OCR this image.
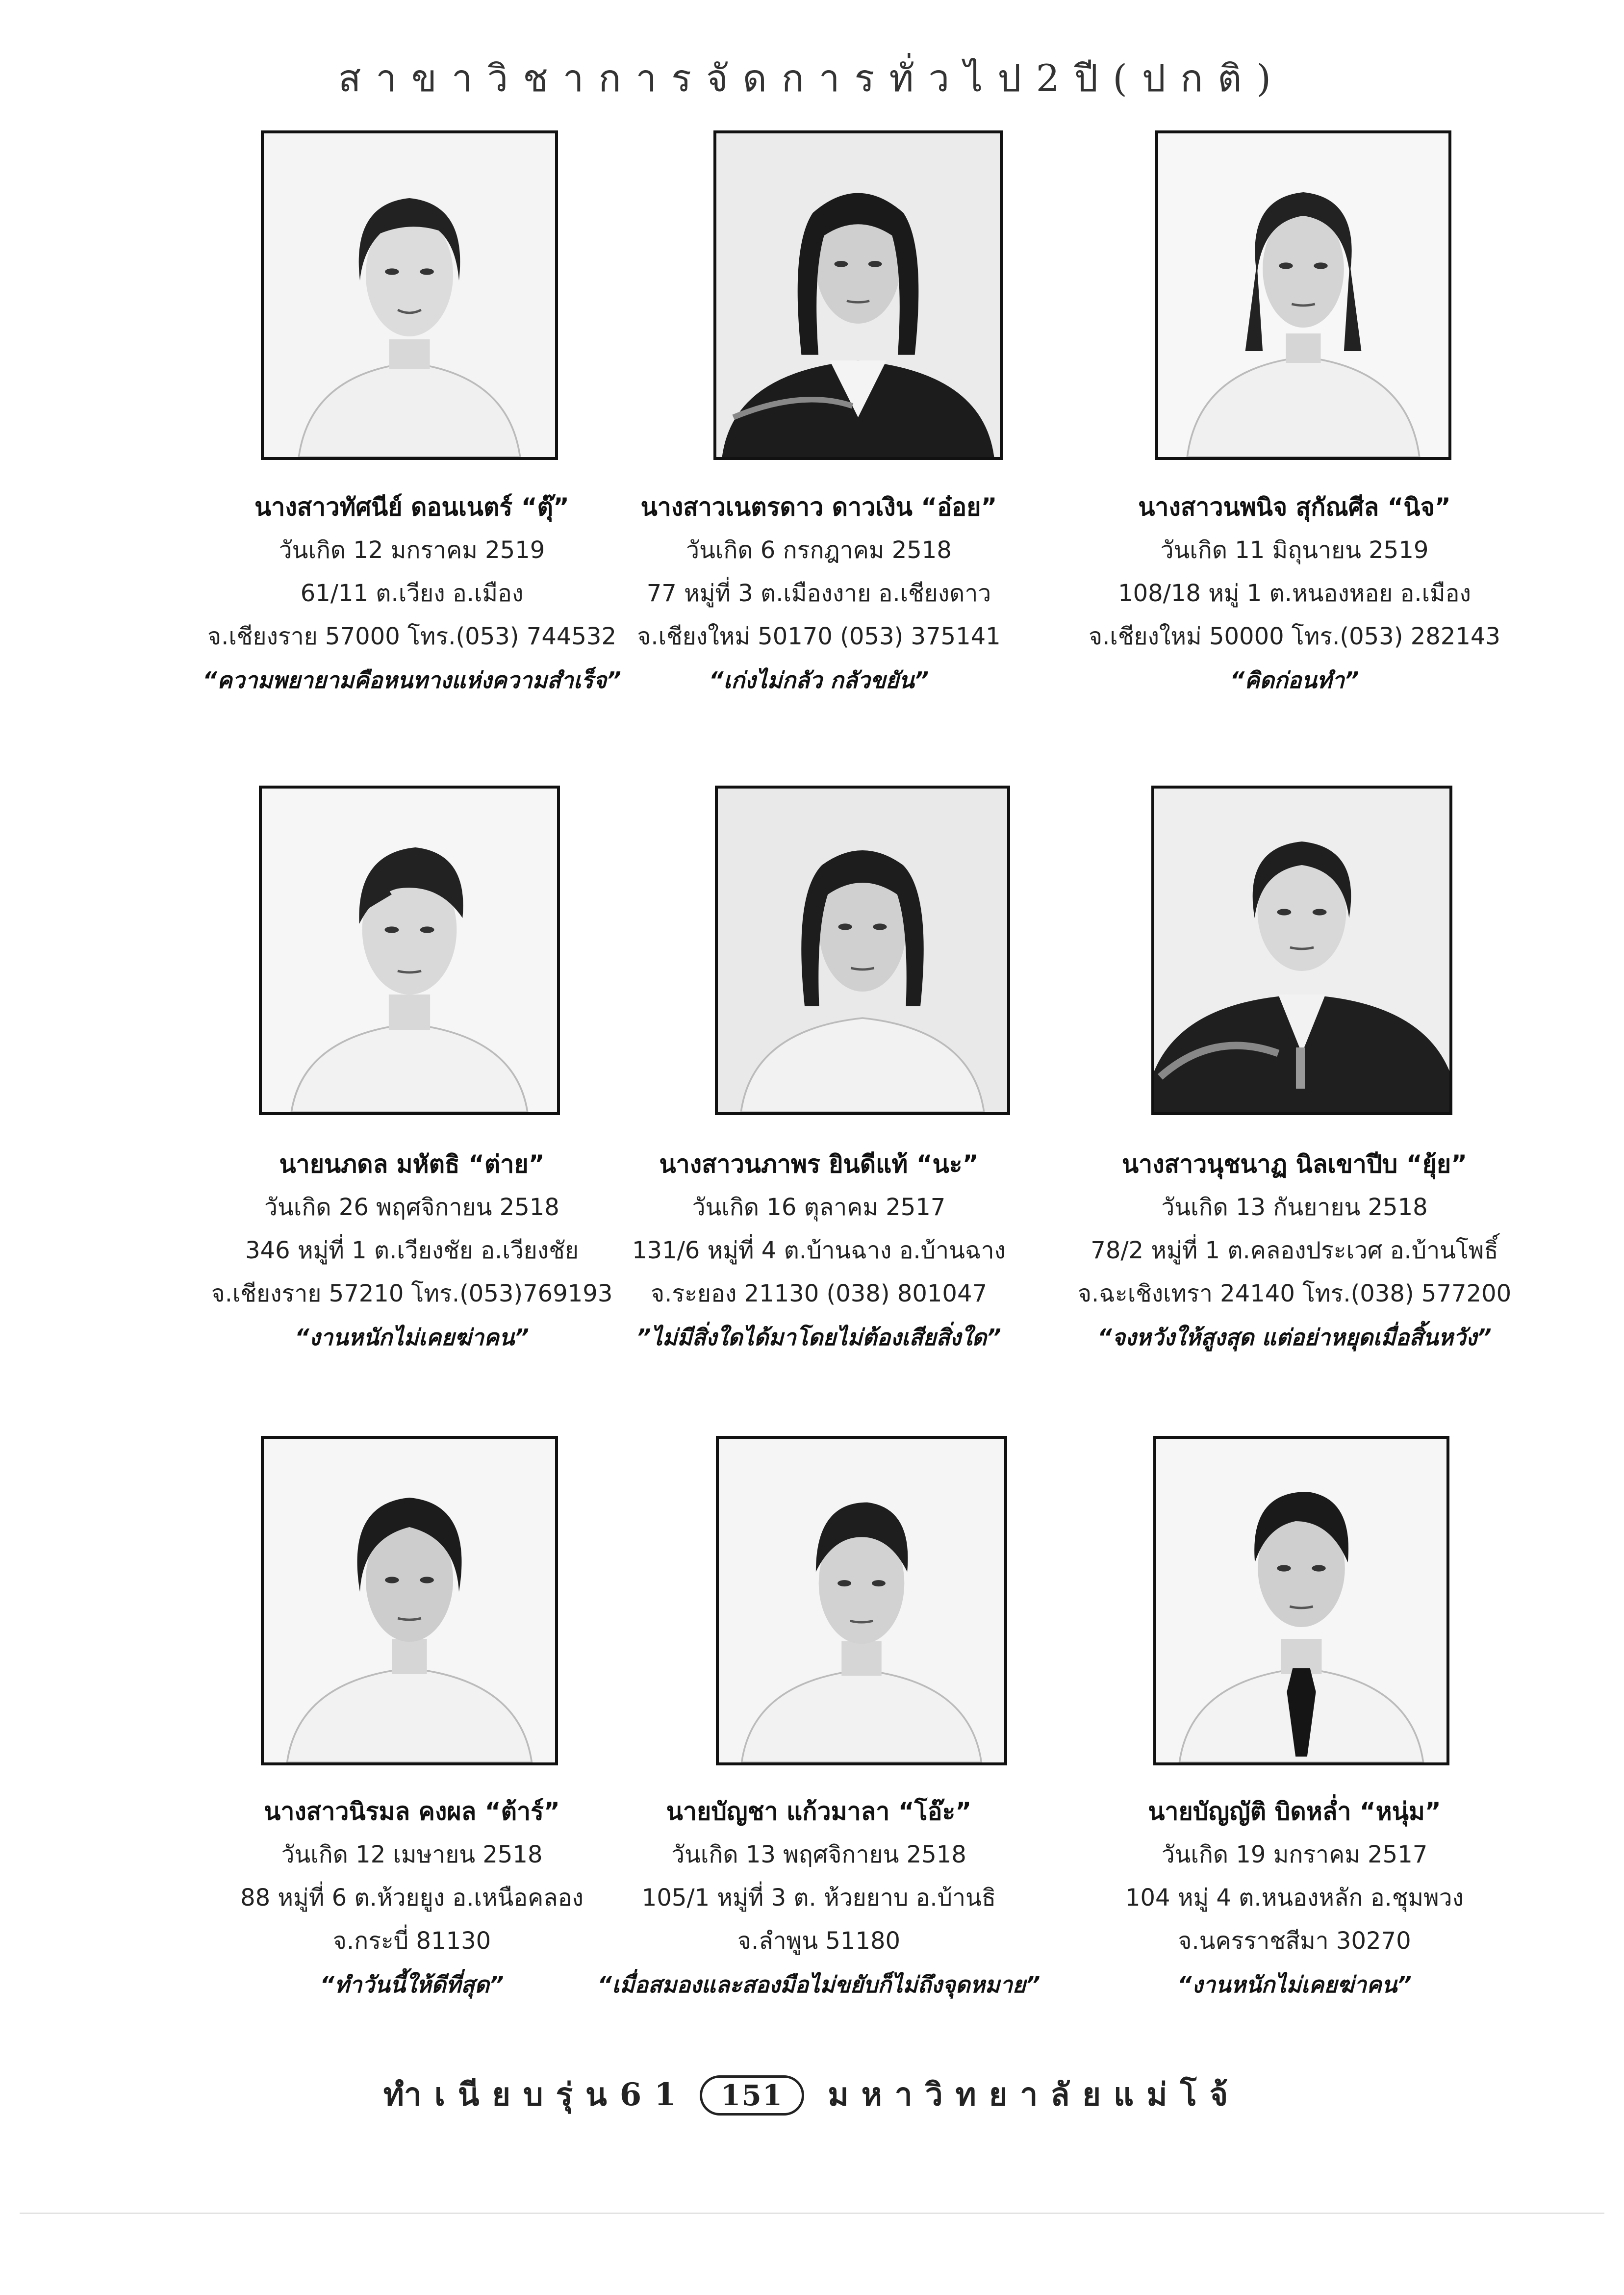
สาขาวิชาการจัดการทั่วไป2ปี(ปกติ)
นางสาวทัศนีย์ ดอนเนตร์ “ตุ๊”
วันเกิด 12 มกราคม 2519
61/11 ต.เวียง อ.เมือง
จ.เชียงราย 57000 โทร.(053) 744532
“ความพยายามคือหนทางแห่งความสำเร็จ”
นางสาวเนตรดาว ดาวเงิน “อ๋อย”
วันเกิด 6 กรกฎาคม 2518
77 หมู่ที่ 3 ต.เมืองงาย อ.เชียงดาว
จ.เชียงใหม่ 50170 (053) 375141
“เก่งไม่กลัว กลัวขยัน”
นางสาวนพนิจ สุกัณศีล “นิจ”
วันเกิด 11 มิถุนายน 2519
108/18 หมู่ 1 ต.หนองหอย อ.เมือง
จ.เชียงใหม่ 50000 โทร.(053) 282143
“คิดก่อนทำ”
นายนภดล มหัตธิ “ต่าย”
วันเกิด 26 พฤศจิกายน 2518
346 หมู่ที่ 1 ต.เวียงชัย อ.เวียงชัย
จ.เชียงราย 57210 โทร.(053)769193
“งานหนักไม่เคยฆ่าคน”
นางสาวนภาพร ยินดีแท้ “นะ”
วันเกิด 16 ตุลาคม 2517
131/6 หมู่ที่ 4 ต.บ้านฉาง อ.บ้านฉาง
จ.ระยอง 21130 (038) 801047
”ไม่มีสิ่งใดได้มาโดยไม่ต้องเสียสิ่งใด”
นางสาวนุชนาฏ นิลเขาปีบ “ยุ้ย”
วันเกิด 13 กันยายน 2518
78/2 หมู่ที่ 1 ต.คลองประเวศ อ.บ้านโพธิ์
จ.ฉะเชิงเทรา 24140 โทร.(038) 577200
“จงหวังให้สูงสุด แต่อย่าหยุดเมื่อสิ้นหวัง”
นางสาวนิรมล คงผล “ต้าร์”
วันเกิด 12 เมษายน 2518
88 หมู่ที่ 6 ต.ห้วยยูง อ.เหนือคลอง
จ.กระบี่ 81130
“ทำวันนี้ให้ดีที่สุด”
นายบัญชา แก้วมาลา “โอ๊ะ”
วันเกิด 13 พฤศจิกายน 2518
105/1 หมู่ที่ 3 ต. ห้วยยาบ อ.บ้านธิ
จ.ลำพูน 51180
“เมื่อสมองและสองมือไม่ขยับก็ไม่ถึงจุดหมาย”
นายบัญญัติ บิดหล่ำ “หนุ่ม”
วันเกิด 19 มกราคม 2517
104 หมู่ 4 ต.หนองหลัก อ.ชุมพวง
จ.นครราชสีมา 30270
“งานหนักไม่เคยฆ่าคน”
ทำเนียบรุ่น61 151 มหาวิทยาลัยแม่โจ้
